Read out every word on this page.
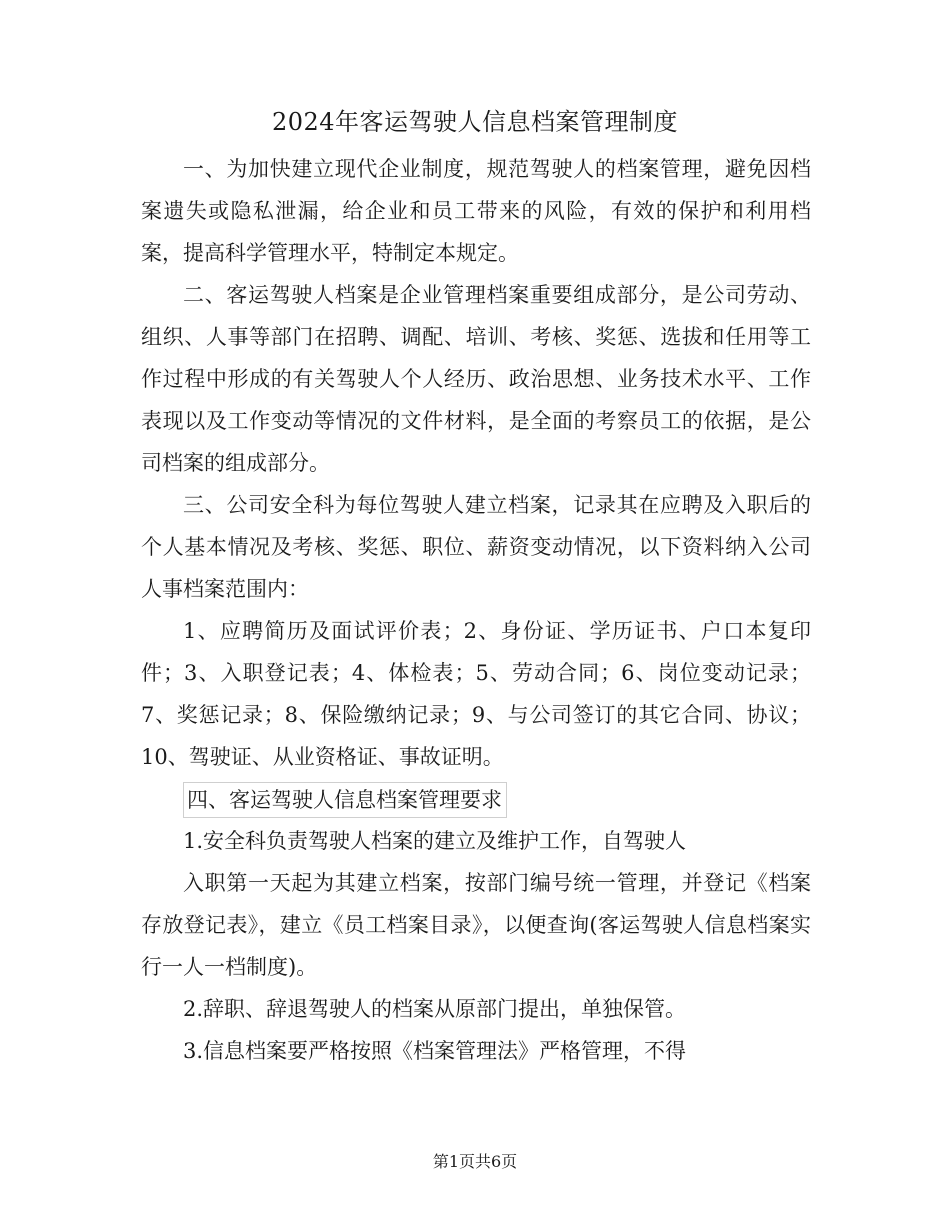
2024年客运驾驶人信息档案管理制度

一、为加快建立现代企业制度，规范驾驶人的档案管理，避免因档案遗失或隐私泄漏，给企业和员工带来的风险，有效的保护和利用档案，提高科学管理水平，特制定本规定。

二、客运驾驶人档案是企业管理档案重要组成部分，是公司劳动、组织、人事等部门在招聘、调配、培训、考核、奖惩、选拔和任用等工作过程中形成的有关驾驶人个人经历、政治思想、业务技术水平、工作表现以及工作变动等情况的文件材料，是全面的考察员工的依据，是公司档案的组成部分。

三、公司安全科为每位驾驶人建立档案，记录其在应聘及入职后的个人基本情况及考核、奖惩、职位、薪资变动情况，以下资料纳入公司人事档案范围内：

1、应聘简历及面试评价表；2、身份证、学历证书、户口本复印件；3、入职登记表；4、体检表；5、劳动合同；6、岗位变动记录；7、奖惩记录；8、保险缴纳记录；9、与公司签订的其它合同、协议；10、驾驶证、从业资格证、事故证明。

四、客运驾驶人信息档案管理要求

1.安全科负责驾驶人档案的建立及维护工作，自驾驶人

入职第一天起为其建立档案，按部门编号统一管理，并登记《档案存放登记表》，建立《员工档案目录》，以便查询(客运驾驶人信息档案实行一人一档制度)。

2.辞职、辞退驾驶人的档案从原部门提出，单独保管。

3.信息档案要严格按照《档案管理法》严格管理，不得

第1页共6页
